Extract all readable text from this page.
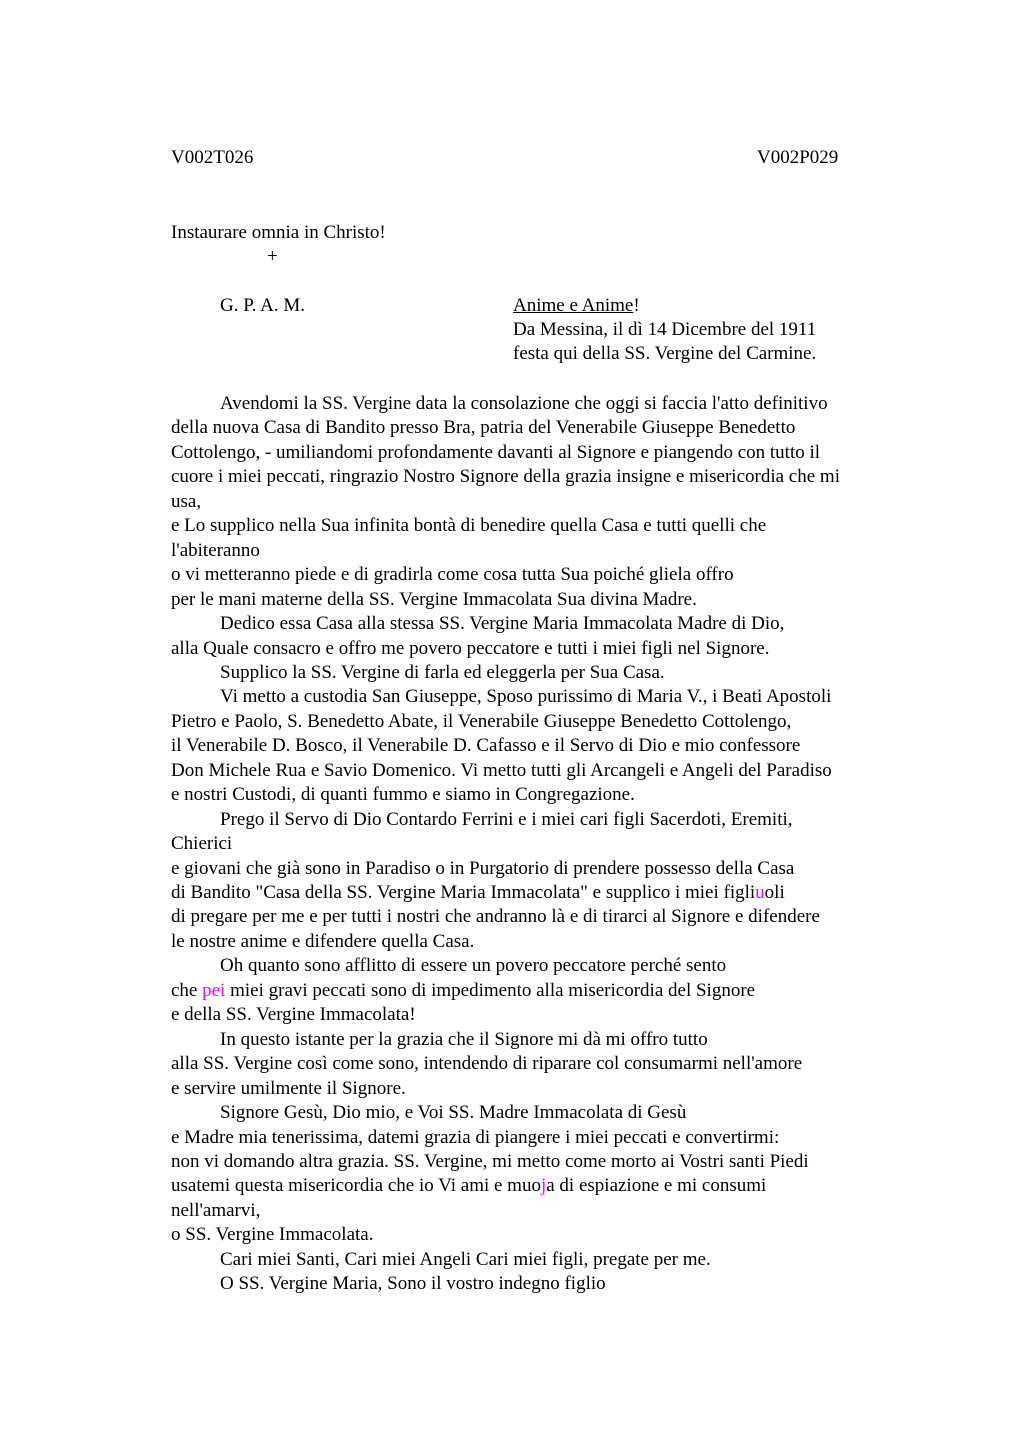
V002T026	V002P029
Instaurare omnia in Christo!
+
G. P. A. M.	Anime e Anime!
Da Messina, il dì 14 Dicembre del 1911
festa qui della SS. Vergine del Carmine.
Avendomi la SS. Vergine data la consolazione che oggi si faccia l'atto definitivo
della nuova Casa di Bandito presso Bra, patria del Venerabile Giuseppe Benedetto
Cottolengo, - umiliandomi profondamente davanti al Signore e piangendo con tutto il
cuore i miei peccati, ringrazio Nostro Signore della grazia insigne e misericordia che mi
usa,
e Lo supplico nella Sua infinita bontà di benedire quella Casa e tutti quelli che
l'abiteranno
o vi metteranno piede e di gradirla come cosa tutta Sua poiché gliela offro
per le mani materne della SS. Vergine Immacolata Sua divina Madre.
Dedico essa Casa alla stessa SS. Vergine Maria Immacolata Madre di Dio,
alla Quale consacro e offro me povero peccatore e tutti i miei figli nel Signore.
Supplico la SS. Vergine di farla ed eleggerla per Sua Casa.
Vi metto a custodia San Giuseppe, Sposo purissimo di Maria V., i Beati Apostoli
Pietro e Paolo, S. Benedetto Abate, il Venerabile Giuseppe Benedetto Cottolengo,
il Venerabile D. Bosco, il Venerabile D. Cafasso e il Servo di Dio e mio confessore
Don Michele Rua e Savio Domenico. Vi metto tutti gli Arcangeli e Angeli del Paradiso
e nostri Custodi, di quanti fummo e siamo in Congregazione.
Prego il Servo di Dio Contardo Ferrini e i miei cari figli Sacerdoti, Eremiti,
Chierici
e giovani che già sono in Paradiso o in Purgatorio di prendere possesso della Casa
di Bandito "Casa della SS. Vergine Maria Immacolata" e supplico i miei figliuoli
di pregare per me e per tutti i nostri che andranno là e di tirarci al Signore e difendere
le nostre anime e difendere quella Casa.
Oh quanto sono afflitto di essere un povero peccatore perché sento
che pei miei gravi peccati sono di impedimento alla misericordia del Signore
e della SS. Vergine Immacolata!
In questo istante per la grazia che il Signore mi dà mi offro tutto
alla SS. Vergine così come sono, intendendo di riparare col consumarmi nell'amore
e servire umilmente il Signore.
Signore Gesù, Dio mio, e Voi SS. Madre Immacolata di Gesù
e Madre mia tenerissima, datemi grazia di piangere i miei peccati e convertirmi:
non vi domando altra grazia. SS. Vergine, mi metto come morto ai Vostri santi Piedi
usatemi questa misericordia che io Vi ami e muoja di espiazione e mi consumi
nell'amarvi,
o SS. Vergine Immacolata.
Cari miei Santi, Cari miei Angeli Cari miei figli, pregate per me.
O SS. Vergine Maria, Sono il vostro indegno figlio
